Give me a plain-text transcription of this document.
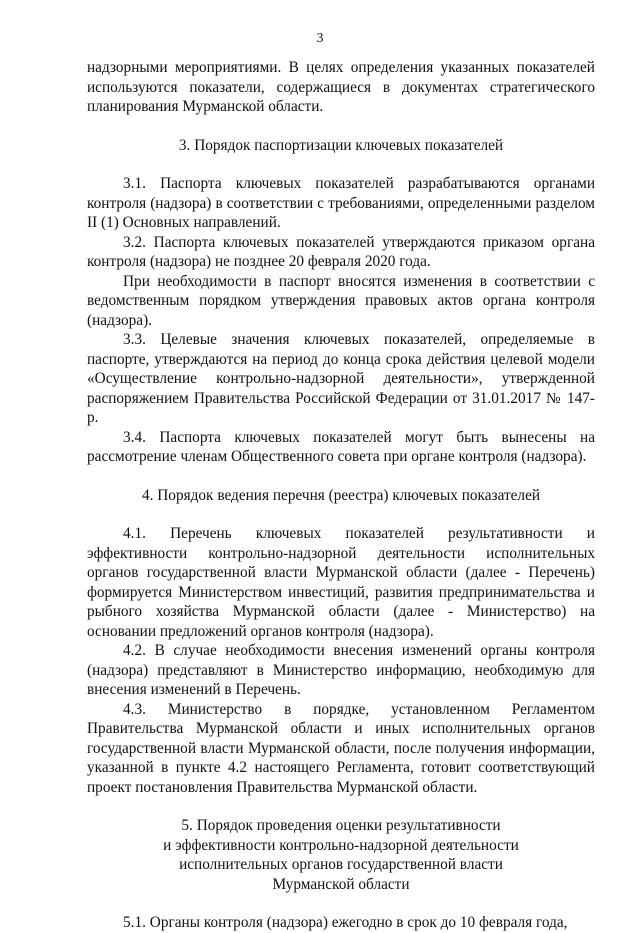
3

надзорными мероприятиями. В целях определения указанных показателей используются показатели, содержащиеся в документах стратегического планирования Мурманской области.

3. Порядок паспортизации ключевых показателей

3.1. Паспорта ключевых показателей разрабатываются органами контроля (надзора) в соответствии с требованиями, определенными разделом II (1) Основных направлений.

3.2. Паспорта ключевых показателей утверждаются приказом органа контроля (надзора) не позднее 20 февраля 2020 года.

При необходимости в паспорт вносятся изменения в соответствии с ведомственным порядком утверждения правовых актов органа контроля (надзора).

3.3. Целевые значения ключевых показателей, определяемые в паспорте, утверждаются на период до конца срока действия целевой модели «Осуществление контрольно-надзорной деятельности», утвержденной распоряжением Правительства Российской Федерации от 31.01.2017 № 147-р.

3.4. Паспорта ключевых показателей могут быть вынесены на рассмотрение членам Общественного совета при органе контроля (надзора).

4. Порядок ведения перечня (реестра) ключевых показателей

4.1. Перечень ключевых показателей результативности и эффективности контрольно-надзорной деятельности исполнительных органов государственной власти Мурманской области (далее - Перечень) формируется Министерством инвестиций, развития предпринимательства и рыбного хозяйства Мурманской области (далее - Министерство) на основании предложений органов контроля (надзора).

4.2. В случае необходимости внесения изменений органы контроля (надзора) представляют в Министерство информацию, необходимую для внесения изменений в Перечень.

4.3. Министерство в порядке, установленном Регламентом Правительства Мурманской области и иных исполнительных органов государственной власти Мурманской области, после получения информации, указанной в пункте 4.2 настоящего Регламента, готовит соответствующий проект постановления Правительства Мурманской области.

5. Порядок проведения оценки результативности
и эффективности контрольно-надзорной деятельности
исполнительных органов государственной власти
Мурманской области

5.1. Органы контроля (надзора) ежегодно в срок до 10 февраля года,
